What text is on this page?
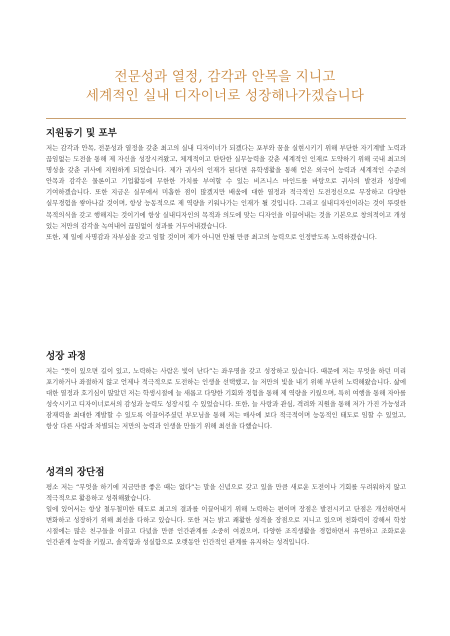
전문성과 열정, 감각과 안목을 지니고
세계적인 실내 디자이너로 성장해나가겠습니다
지원동기 및 포부

저는 감각과 안목, 전문성과 열정을 갖춘 최고의 실내 디자이너가 되겠다는 포부와 꿈을 실현시키기 위해 부단한 자기계발 노력과 끊임없는 도전을 통해 제 자신을 성장시켜왔고, 체계적이고 탄탄한 실무능력을 갖춘 세계적인 인재로 도약하기 위해 국내 최고의 명성을 갖춘 귀사에 지원하게 되었습니다. 제가 귀사의 인재가 된다면 유학생활을 통해 얻은 외국어 능력과 세계적인 수준의 안목과 감각은 물론이고 기업활동에 무한한 가치를 부여할 수 있는 비즈니스 마인드를 바탕으로 귀사의 발전과 성장에 기여하겠습니다. 또한 지금은 실무에서 미흡한 점이 많겠지만 배움에 대한 열정과 적극적인 도전정신으로 무장하고 다양한 실무경험을 쌓아나갈 것이며, 항상 능동적으로 제 역량을 키워나가는 인재가 될 것입니다. 그리고 실내디자인이라는 것이 뚜렷한 목적의식을 갖고 행해지는 것이기에 항상 실내디자인의 목적과 의도에 맞는 디자인을 이끌어내는 것을 기본으로 창의적이고 개성 있는 저만의 감각을 녹여내어 끊임없이 성과를 거두어내겠습니다.

또한, 제 일에 사명감과 자부심을 갖고 임할 것이며 제가 아니면 안될 만큼 최고의 능력으로 인정받도록 노력하겠습니다.

성장 과정

저는 “뜻이 있으면 길이 있고, 노력하는 사람은 빛이 난다”는 좌우명을 갖고 성장하고 있습니다. 때문에 저는 무엇을 하던 미리 포기하거나 좌절하지 않고 언제나 적극적으로 도전하는 인생을 선택했고, 늘 저만의 빛을 내기 위해 부단히 노력해왔습니다. 삶에 대한 열정과 호기심이 많았던 저는 학생시절에 늘 새롭고 다양한 기회와 경험을 통해 제 역량을 키웠으며, 특히 여행을 통해 자아를 성숙시키고 디자이너로서의 감성과 능력도 성장시킬 수 있었습니다. 또한, 늘 사랑과 관심, 격려와 지원을 통해 저가 가진 가능성과 잠재력을 최대한 계발할 수 있도록 이끌어주셨던 부모님을 통해 저는 매사에 보다 적극적이며 능동적인 태도로 임할 수 있었고, 항상 다른 사람과 차별되는 저만의 능력과 인생을 만들기 위해 최선을 다했습니다.

성격의 장단점

평소 저는 “무엇을 하기에 지금만큼 좋은 때는 없다”는 말을 신념으로 갖고 있을 만큼 새로운 도전이나 기회를 두려워하지 않고 적극적으로 활용하고 성취해왔습니다.

일에 있어서는 항상 철두철미한 태도로 최고의 결과를 이끌어내기 위해 노력하는 편이며 장점은 발전시키고 단점은 개선하면서 변화하고 성장하기 위해 최선을 다하고 있습니다. 또한 저는 밝고 쾌활한 성격을 장점으로 지니고 있으며 친화력이 강해서 학창 시절에는 많은 친구들을 이끌고 다녔을 만큼 인간관계를 소중히 여겼으며, 다양한 조직생활을 경험하면서 유연하고 조화로운 인간관계 능력을 키웠고, 솔직함과 성실함으로 오랫동안 인간적인 관계를 유지하는 성격입니다.
